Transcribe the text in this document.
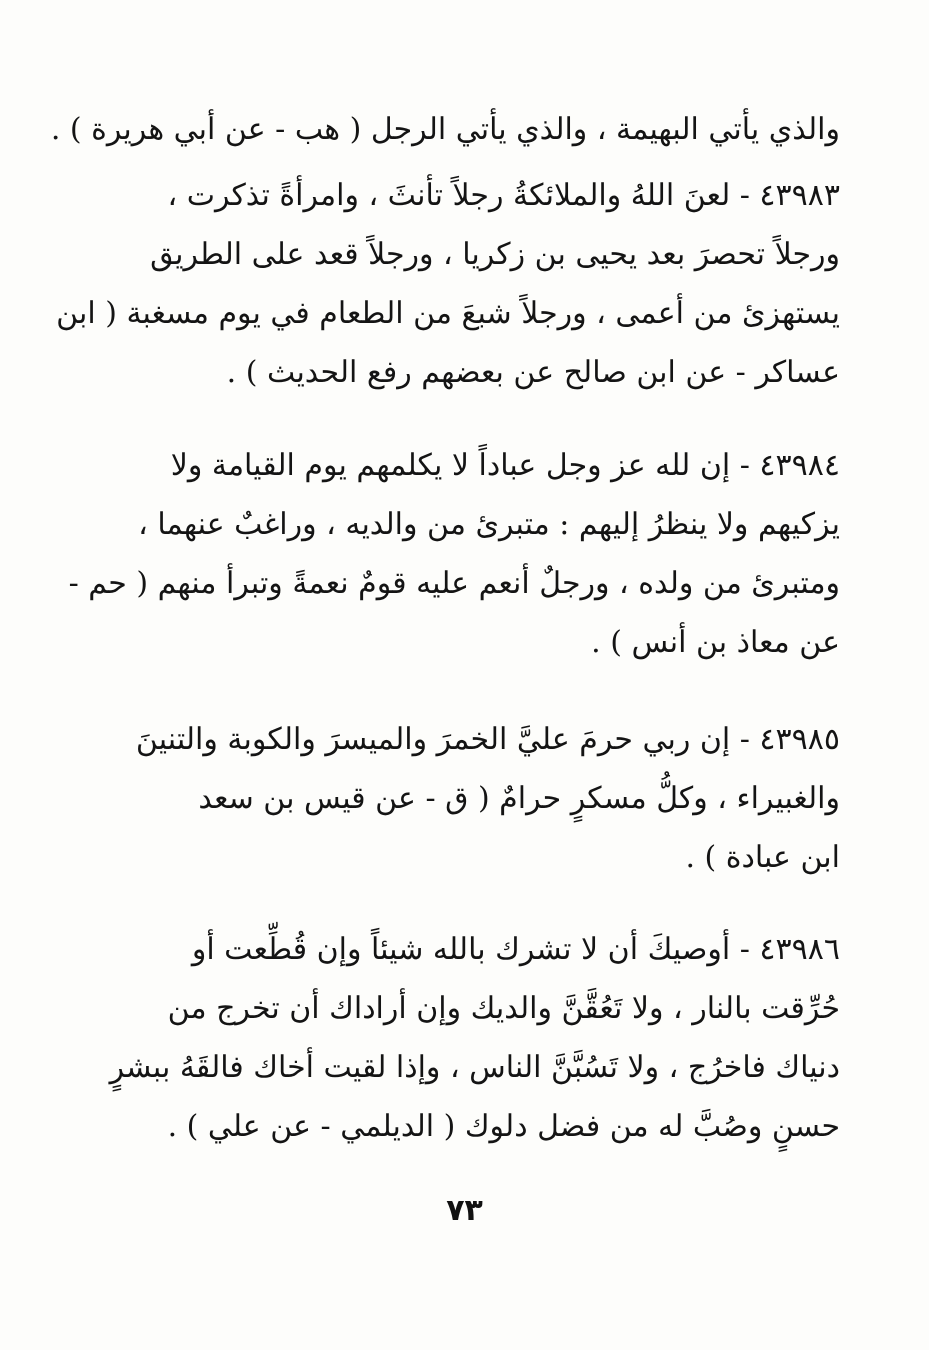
والذي يأتي البهيمة ، والذي يأتي الرجل ( هب - عن أبي هريرة ) .
٤٣٩٨٣ - لعنَ اللهُ والملائكةُ رجلاً تأنثَ ، وامرأةً تذكرت ،
ورجلاً تحصرَ بعد يحيى بن زكريا ، ورجلاً قعد على الطريق
يستهزئ من أعمى ، ورجلاً شبعَ من الطعام في يوم مسغبة ( ابن
عساكر - عن ابن صالح عن بعضهم رفع الحديث ) .
٤٣٩٨٤ - إن لله عز وجل عباداً لا يكلمهم يوم القيامة ولا
يزكيهم ولا ينظرُ إليهم : متبرئ من والديه ، وراغبٌ عنهما ،
ومتبرئ من ولده ، ورجلٌ أنعم عليه قومٌ نعمةً وتبرأ منهم ( حم -
عن معاذ بن أنس ) .
٤٣٩٨٥ - إن ربي حرمَ عليَّ الخمرَ والميسرَ والكوبة والتنينَ
والغبيراء ، وكلُّ مسكرٍ حرامٌ ( ق - عن قيس بن سعد
ابن عبادة ) .
٤٣٩٨٦ - أوصيكَ أن لا تشرك بالله شيئاً وإن قُطِّعت أو
حُرِّقت بالنار ، ولا تَعُقَّنَّ والديك وإن أراداك أن تخرج من
دنياك فاخرُج ، ولا تَسُبَّنَّ الناس ، وإذا لقيت أخاك فالقَهُ ببشرٍ
حسنٍ وصُبَّ له من فضل دلوك ( الديلمي - عن علي ) .
٧٣
